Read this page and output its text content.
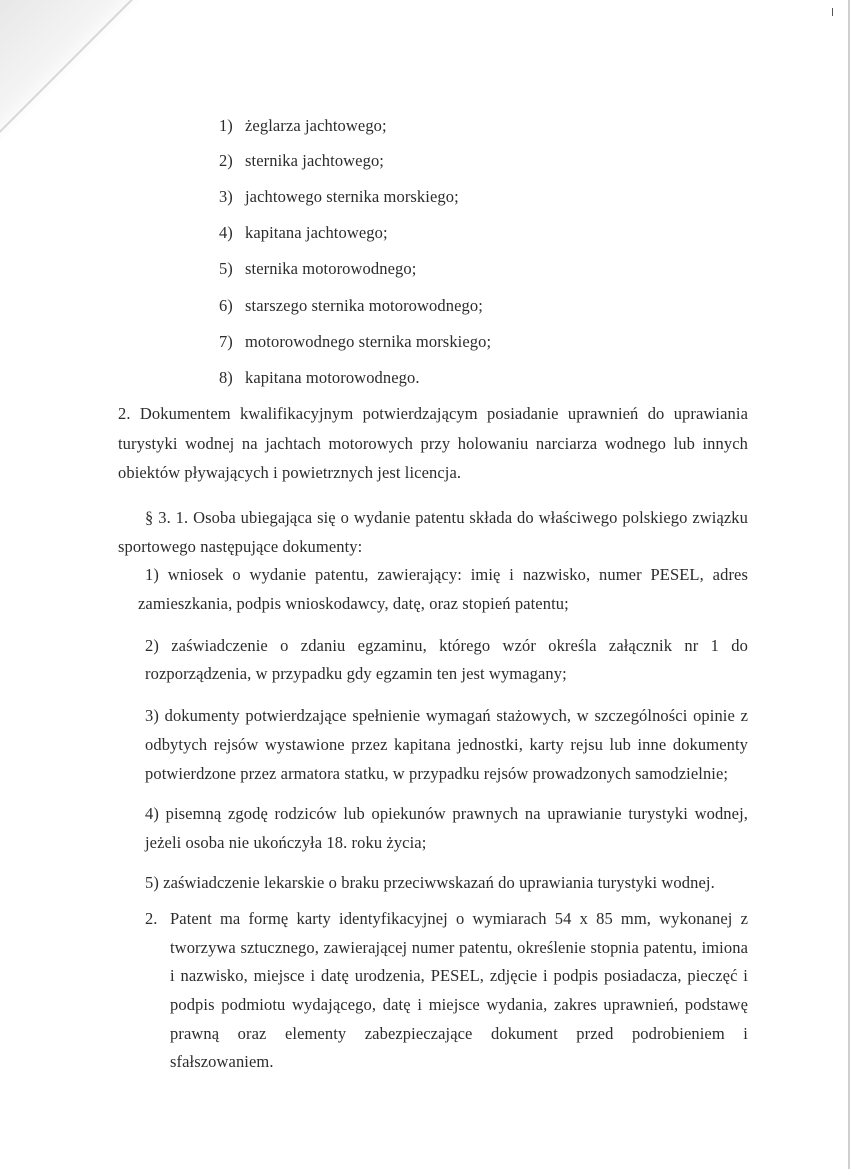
1) żeglarza jachtowego;
2) sternika jachtowego;
3) jachtowego sternika morskiego;
4) kapitana jachtowego;
5) sternika motorowodnego;
6) starszego sternika motorowodnego;
7) motorowodnego sternika morskiego;
8) kapitana motorowodnego.
2. Dokumentem kwalifikacyjnym potwierdzającym posiadanie uprawnień do uprawiania
turystyki wodnej na jachtach motorowych przy holowaniu narciarza wodnego lub innych
obiektów pływających i powietrznych jest licencja.
§ 3. 1. Osoba ubiegająca się o wydanie patentu składa do właściwego polskiego związku
sportowego następujące dokumenty:
1) wniosek o wydanie patentu, zawierający: imię i nazwisko, numer PESEL, adres
zamieszkania, podpis wnioskodawcy, datę, oraz stopień patentu;
2) zaświadczenie o zdaniu egzaminu, którego wzór określa załącznik nr 1 do
rozporządzenia, w przypadku gdy egzamin ten jest wymagany;
3) dokumenty potwierdzające spełnienie wymagań stażowych, w szczególności opinie z
odbytych rejsów wystawione przez kapitana jednostki, karty rejsu lub inne dokumenty
potwierdzone przez armatora statku, w przypadku rejsów prowadzonych samodzielnie;
4) pisemną zgodę rodziców lub opiekunów prawnych na uprawianie turystyki wodnej,
jeżeli osoba nie ukończyła 18. roku życia;
5) zaświadczenie lekarskie o braku przeciwwskazań do uprawiania turystyki wodnej.
2. Patent ma formę karty identyfikacyjnej o wymiarach 54 x 85 mm, wykonanej z
tworzywa sztucznego, zawierającej numer patentu, określenie stopnia patentu, imiona
i nazwisko, miejsce i datę urodzenia, PESEL, zdjęcie i podpis posiadacza, pieczęć i
podpis podmiotu wydającego, datę i miejsce wydania, zakres uprawnień, podstawę
prawną oraz elementy zabezpieczające dokument przed podrobieniem i
sfałszowaniem.
